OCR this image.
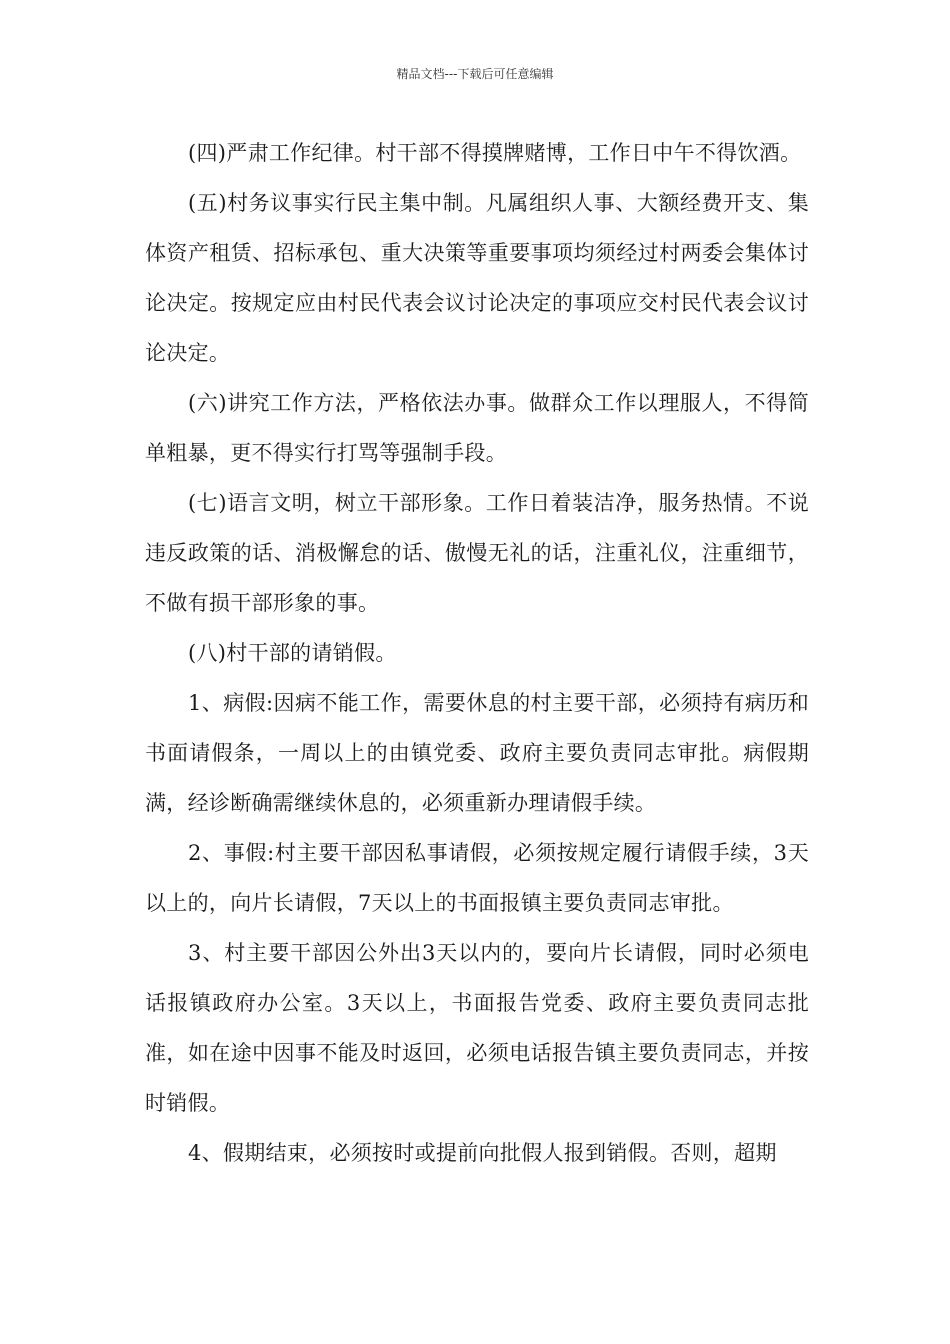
精品文档---下载后可任意编辑

(四)严肃工作纪律。村干部不得摸牌赌博，工作日中午不得饮酒。

(五)村务议事实行民主集中制。凡属组织人事、大额经费开支、集体资产租赁、招标承包、重大决策等重要事项均须经过村两委会集体讨论决定。按规定应由村民代表会议讨论决定的事项应交村民代表会议讨论决定。

(六)讲究工作方法，严格依法办事。做群众工作以理服人，不得简单粗暴，更不得实行打骂等强制手段。

(七)语言文明，树立干部形象。工作日着装洁净，服务热情。不说违反政策的话、消极懈怠的话、傲慢无礼的话，注重礼仪，注重细节，不做有损干部形象的事。

(八)村干部的请销假。

1、病假:因病不能工作，需要休息的村主要干部，必须持有病历和书面请假条，一周以上的由镇党委、政府主要负责同志审批。病假期满，经诊断确需继续休息的，必须重新办理请假手续。

2、事假:村主要干部因私事请假，必须按规定履行请假手续，3天以上的，向片长请假，7天以上的书面报镇主要负责同志审批。

3、村主要干部因公外出3天以内的，要向片长请假，同时必须电话报镇政府办公室。3天以上，书面报告党委、政府主要负责同志批准，如在途中因事不能及时返回，必须电话报告镇主要负责同志，并按时销假。

4、假期结束，必须按时或提前向批假人报到销假。否则，超期
